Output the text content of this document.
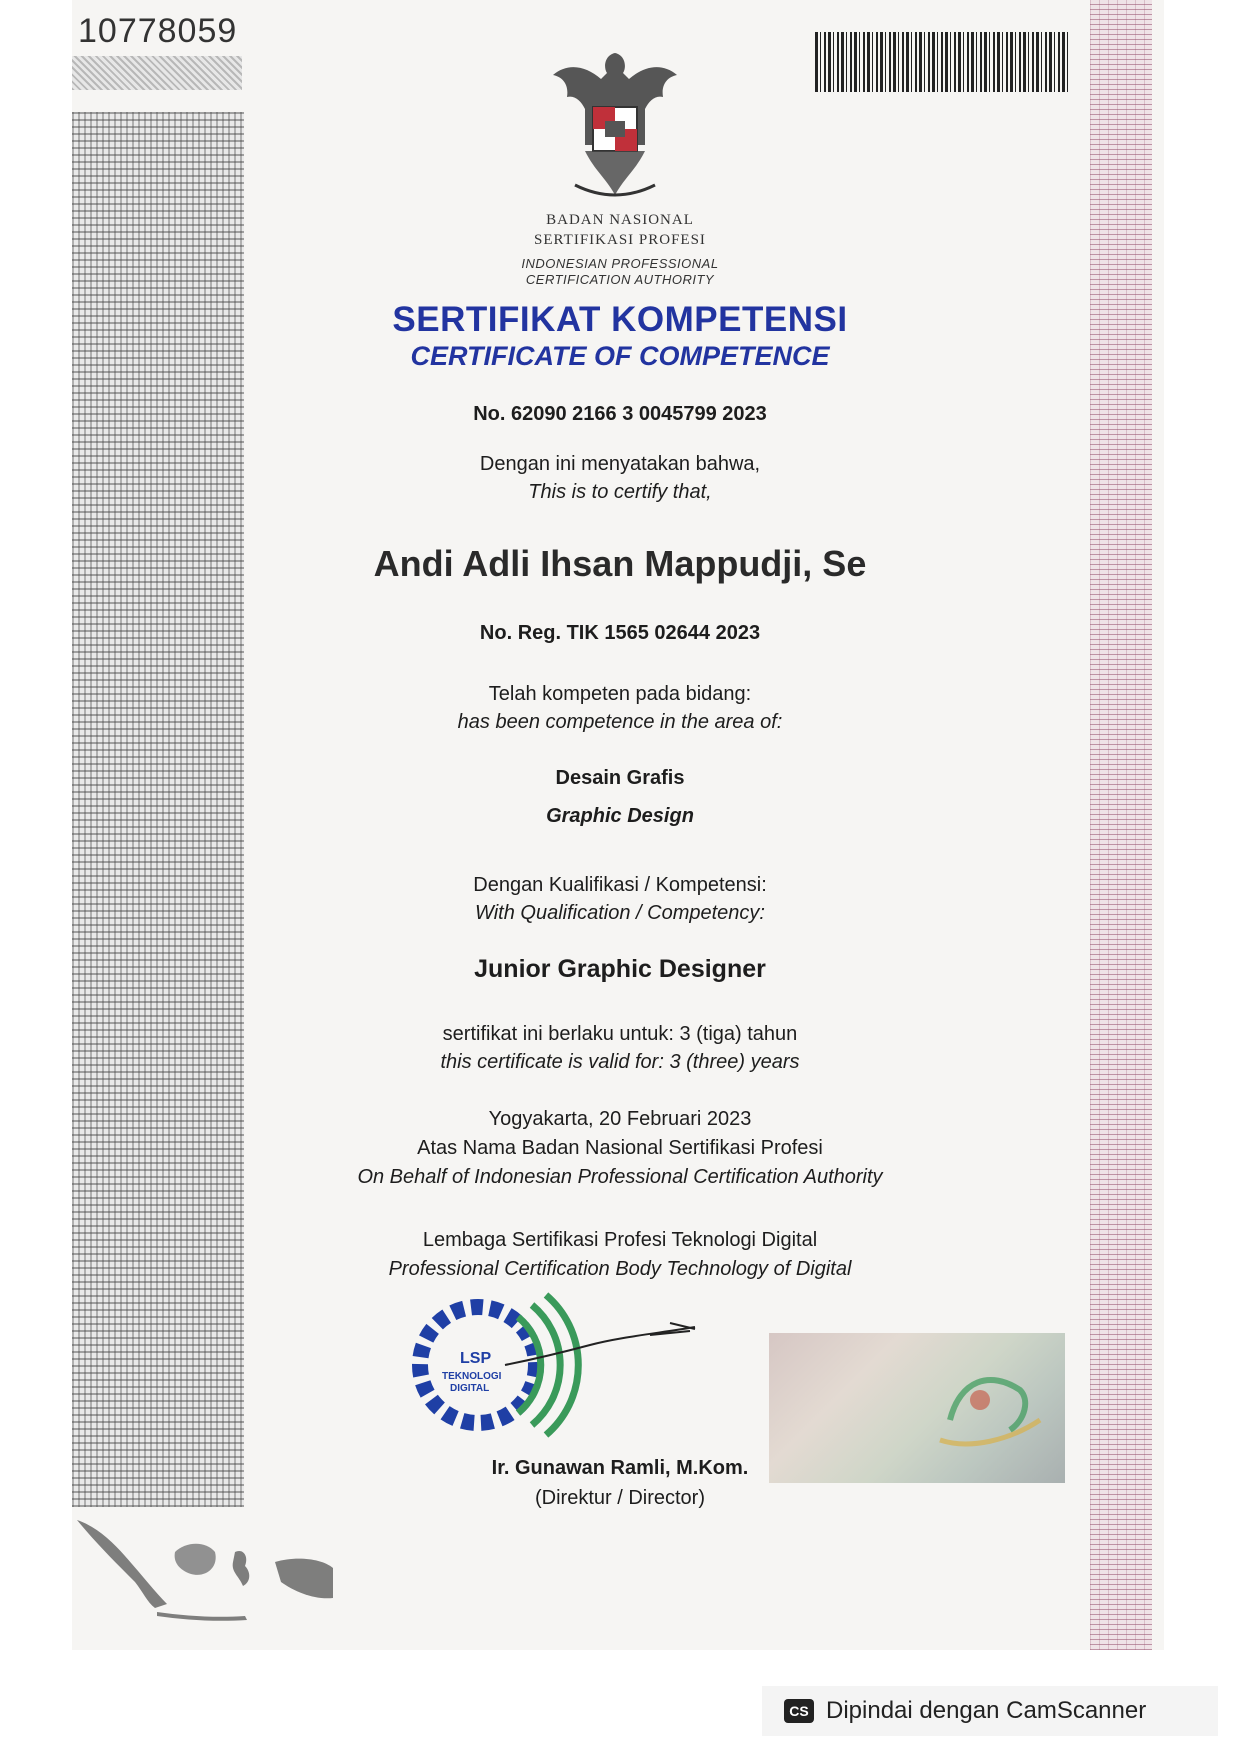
10778059
BADAN NASIONAL
SERTIFIKASI PROFESI
INDONESIAN PROFESSIONAL
CERTIFICATION AUTHORITY
SERTIFIKAT KOMPETENSI
CERTIFICATE OF COMPETENCE
No. 62090 2166 3 0045799 2023
Dengan ini menyatakan bahwa,
This is to certify that,
Andi Adli Ihsan Mappudji, Se
No. Reg. TIK 1565 02644 2023
Telah kompeten pada bidang:
has been competence in the area of:
Desain Grafis
Graphic Design
Dengan Kualifikasi / Kompetensi:
With Qualification / Competency:
Junior Graphic Designer
sertifikat ini berlaku untuk: 3 (tiga) tahun
this certificate is valid for: 3 (three) years
Yogyakarta, 20 Februari 2023
Atas Nama Badan Nasional Sertifikasi Profesi
On Behalf of Indonesian Professional Certification Authority
Lembaga Sertifikasi Profesi Teknologi Digital
Professional Certification Body Technology of Digital
LSP
TEKNOLOGI
DIGITAL
Ir. Gunawan Ramli, M.Kom.
(Direktur / Director)
CS Dipindai dengan CamScanner
